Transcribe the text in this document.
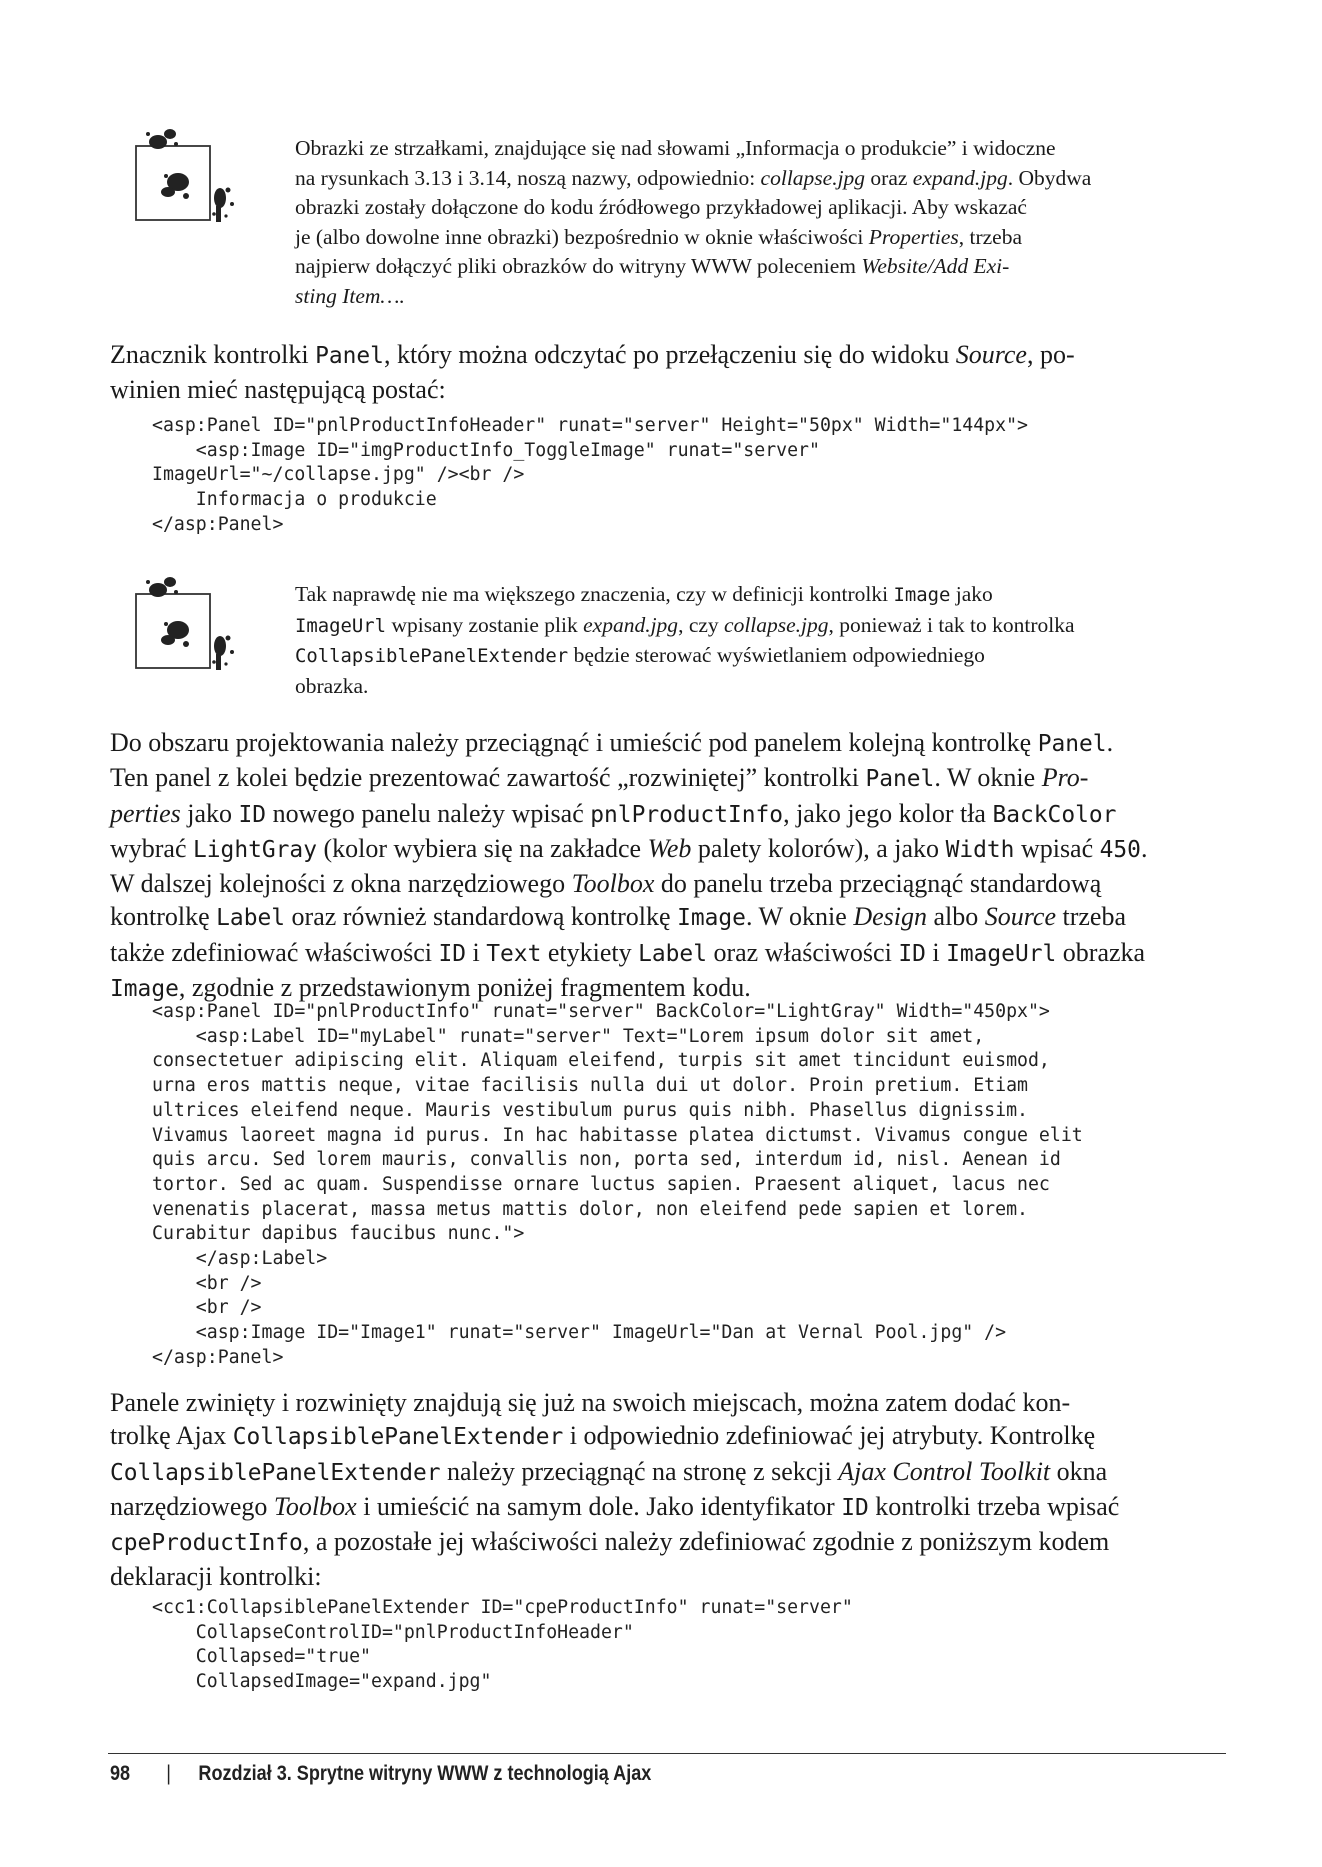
Obrazki ze strzałkami, znajdujące się nad słowami „Informacja o produkcie” i widoczne
na rysunkach 3.13 i 3.14, noszą nazwy, odpowiednio: collapse.jpg oraz expand.jpg. Obydwa
obrazki zostały dołączone do kodu źródłowego przykładowej aplikacji. Aby wskazać
je (albo dowolne inne obrazki) bezpośrednio w oknie właściwości Properties, trzeba
najpierw dołączyć pliki obrazków do witryny WWW poleceniem Website/Add Exi-
sting Item….
Znacznik kontrolki Panel, który można odczytać po przełączeniu się do widoku Source, po-
winien mieć następującą postać:
<asp:Panel ID="pnlProductInfoHeader" runat="server" Height="50px" Width="144px">
<asp:Image ID="imgProductInfo_ToggleImage" runat="server"
ImageUrl="~/collapse.jpg" /><br />
Informacja o produkcie
</asp:Panel>
Tak naprawdę nie ma większego znaczenia, czy w definicji kontrolki Image jako
ImageUrl wpisany zostanie plik expand.jpg, czy collapse.jpg, ponieważ i tak to kontrolka
CollapsiblePanelExtender będzie sterować wyświetlaniem odpowiedniego
obrazka.
Do obszaru projektowania należy przeciągnąć i umieścić pod panelem kolejną kontrolkę Panel.
Ten panel z kolei będzie prezentować zawartość „rozwiniętej” kontrolki Panel. W oknie Pro-
perties jako ID nowego panelu należy wpisać pnlProductInfo, jako jego kolor tła BackColor
wybrać LightGray (kolor wybiera się na zakładce Web palety kolorów), a jako Width wpisać 450.
W dalszej kolejności z okna narzędziowego Toolbox do panelu trzeba przeciągnąć standardową
kontrolkę Label oraz również standardową kontrolkę Image. W oknie Design albo Source trzeba
także zdefiniować właściwości ID i Text etykiety Label oraz właściwości ID i ImageUrl obrazka
Image, zgodnie z przedstawionym poniżej fragmentem kodu.
<asp:Panel ID="pnlProductInfo" runat="server" BackColor="LightGray" Width="450px">
<asp:Label ID="myLabel" runat="server" Text="Lorem ipsum dolor sit amet,
consectetuer adipiscing elit. Aliquam eleifend, turpis sit amet tincidunt euismod,
urna eros mattis neque, vitae facilisis nulla dui ut dolor. Proin pretium. Etiam
ultrices eleifend neque. Mauris vestibulum purus quis nibh. Phasellus dignissim.
Vivamus laoreet magna id purus. In hac habitasse platea dictumst. Vivamus congue elit
quis arcu. Sed lorem mauris, convallis non, porta sed, interdum id, nisl. Aenean id
tortor. Sed ac quam. Suspendisse ornare luctus sapien. Praesent aliquet, lacus nec
venenatis placerat, massa metus mattis dolor, non eleifend pede sapien et lorem.
Curabitur dapibus faucibus nunc.">
</asp:Label>
<br />
<br />
<asp:Image ID="Image1" runat="server" ImageUrl="Dan at Vernal Pool.jpg" />
</asp:Panel>
Panele zwinięty i rozwinięty znajdują się już na swoich miejscach, można zatem dodać kon-
trolkę Ajax CollapsiblePanelExtender i odpowiednio zdefiniować jej atrybuty. Kontrolkę
CollapsiblePanelExtender należy przeciągnąć na stronę z sekcji Ajax Control Toolkit okna
narzędziowego Toolbox i umieścić na samym dole. Jako identyfikator ID kontrolki trzeba wpisać
cpeProductInfo, a pozostałe jej właściwości należy zdefiniować zgodnie z poniższym kodem
deklaracji kontrolki:
<cc1:CollapsiblePanelExtender ID="cpeProductInfo" runat="server"
CollapseControlID="pnlProductInfoHeader"
Collapsed="true"
CollapsedImage="expand.jpg"
98 | Rozdział 3. Sprytne witryny WWW z technologią Ajax
